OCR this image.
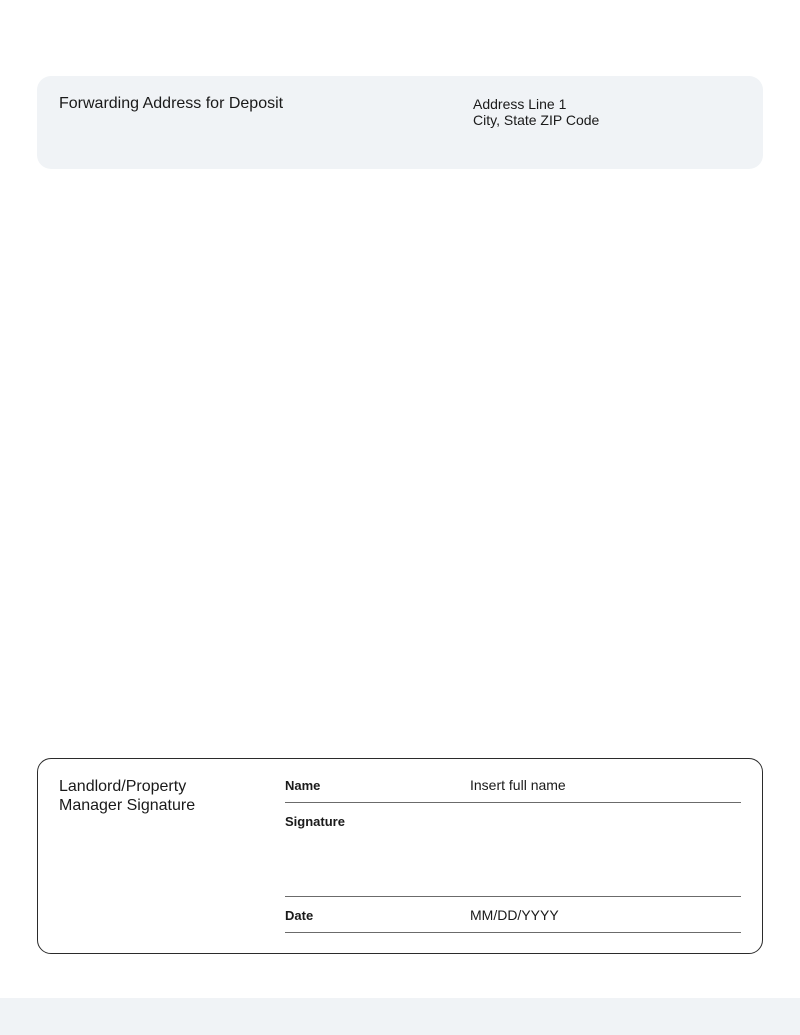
Forwarding Address for Deposit	Address Line 1
City, State ZIP Code
Landlord/Property Manager Signature
Name	Insert full name
Signature
Date	MM/DD/YYYY
